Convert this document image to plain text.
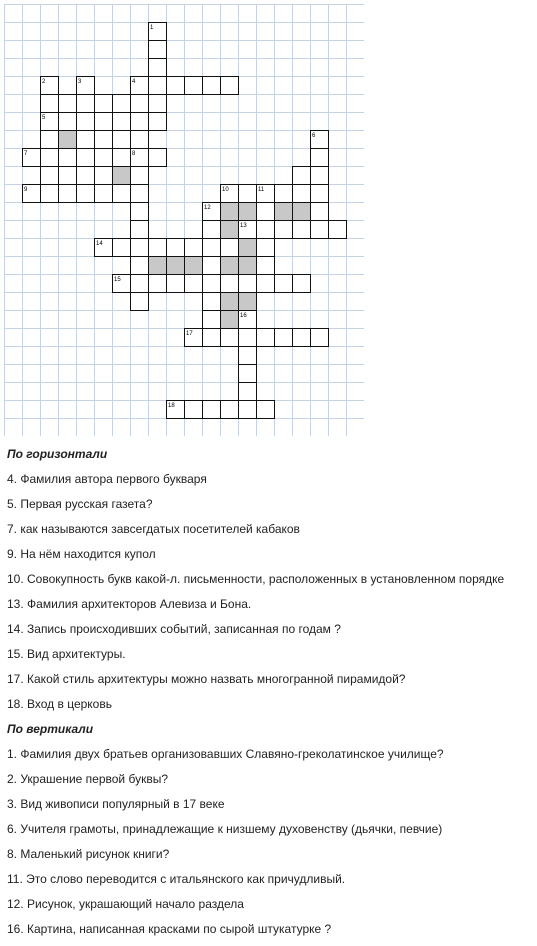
1
2	3	4
5
6
7	8
9	10	11
12
13
14
15
16
17
18
По горизонтали
4. Фамилия автора первого букваря
5. Первая русская газета?
7. как называются завсегдатых посетителей кабаков
9. На нём находится купол
10. Совокупность букв какой-л. письменности, расположенных в установленном порядке
13. Фамилия архитекторов Алевиза и Бона.
14. Запись происходивших событий, записанная по годам ?
15. Вид архитектуры.
17. Какой стиль архитектуры можно назвать многогранной пирамидой?
18. Вход в церковь
По вертикали
1. Фамилия двух братьев организовавших Славяно-греколатинское училище?
2. Украшение первой буквы?
3. Вид живописи популярный в 17 веке
6. Учителя грамоты, принадлежащие к низшему духовенству (дьячки, певчие)
8. Маленький рисунок книги?
11. Это слово переводится с итальянского как причудливый.
12. Рисунок, украшающий начало раздела
16. Картина, написанная красками по сырой штукатурке ?
